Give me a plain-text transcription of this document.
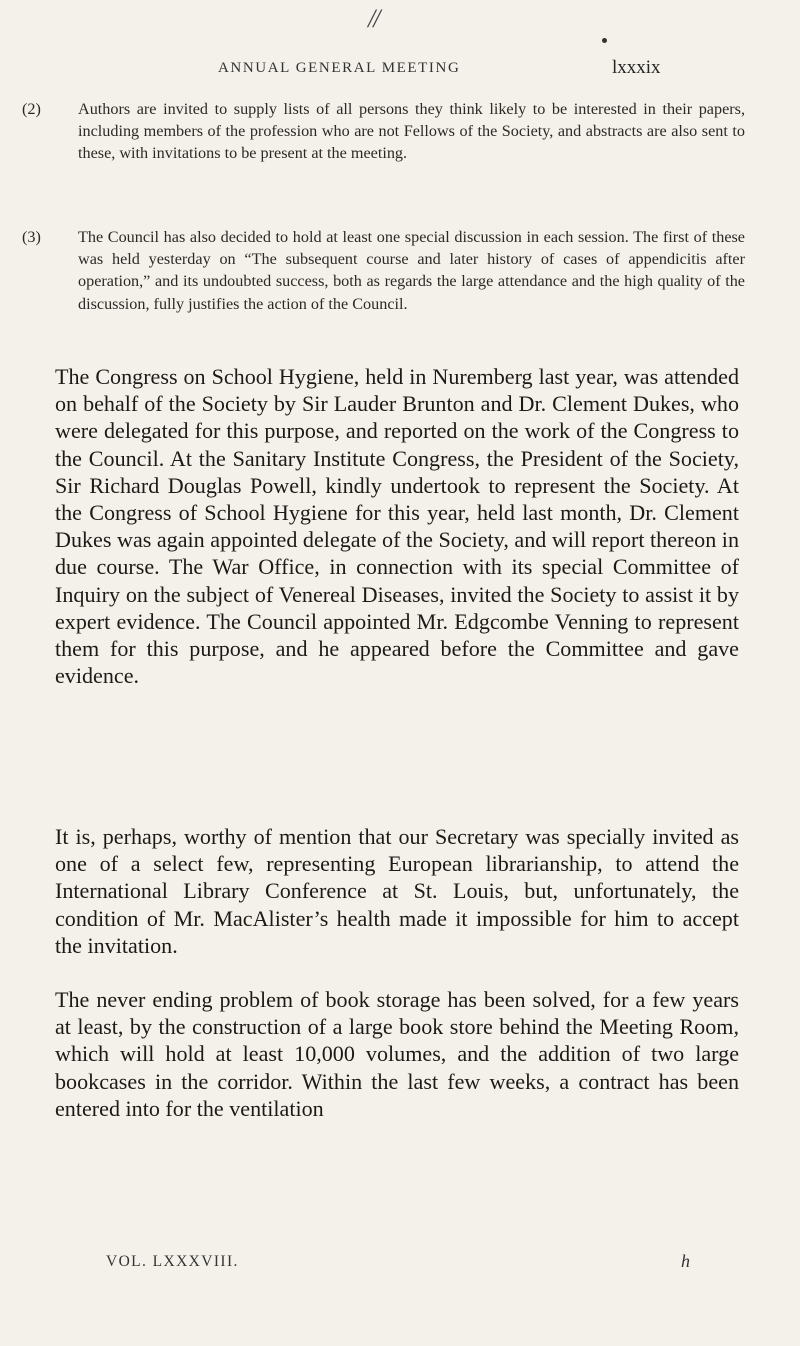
//
ANNUAL GENERAL MEETING	lxxxix

(2) Authors are invited to supply lists of all persons they think likely to be interested in their papers, including members of the profession who are not Fellows of the Society, and abstracts are also sent to these, with invitations to be present at the meeting.

(3) The Council has also decided to hold at least one special discussion in each session. The first of these was held yesterday on “The subsequent course and later history of cases of appendicitis after operation,” and its undoubted success, both as regards the large attendance and the high quality of the discussion, fully justifies the action of the Council.

The Congress on School Hygiene, held in Nuremberg last year, was attended on behalf of the Society by Sir Lauder Brunton and Dr. Clement Dukes, who were delegated for this purpose, and reported on the work of the Congress to the Council. At the Sanitary Institute Congress, the President of the Society, Sir Richard Douglas Powell, kindly undertook to represent the Society. At the Congress of School Hygiene for this year, held last month, Dr. Clement Dukes was again appointed delegate of the Society, and will report thereon in due course. The War Office, in connection with its special Committee of Inquiry on the subject of Venereal Diseases, invited the Society to assist it by expert evidence. The Council appointed Mr. Edgcombe Venning to represent them for this purpose, and he appeared before the Committee and gave evidence.

It is, perhaps, worthy of mention that our Secretary was specially invited as one of a select few, representing European librarianship, to attend the International Library Conference at St. Louis, but, unfortunately, the condition of Mr. MacAlister’s health made it impossible for him to accept the invitation.

The never ending problem of book storage has been solved, for a few years at least, by the construction of a large book store behind the Meeting Room, which will hold at least 10,000 volumes, and the addition of two large bookcases in the corridor. Within the last few weeks, a contract has been entered into for the ventilation

VOL. LXXXVIII.	h
